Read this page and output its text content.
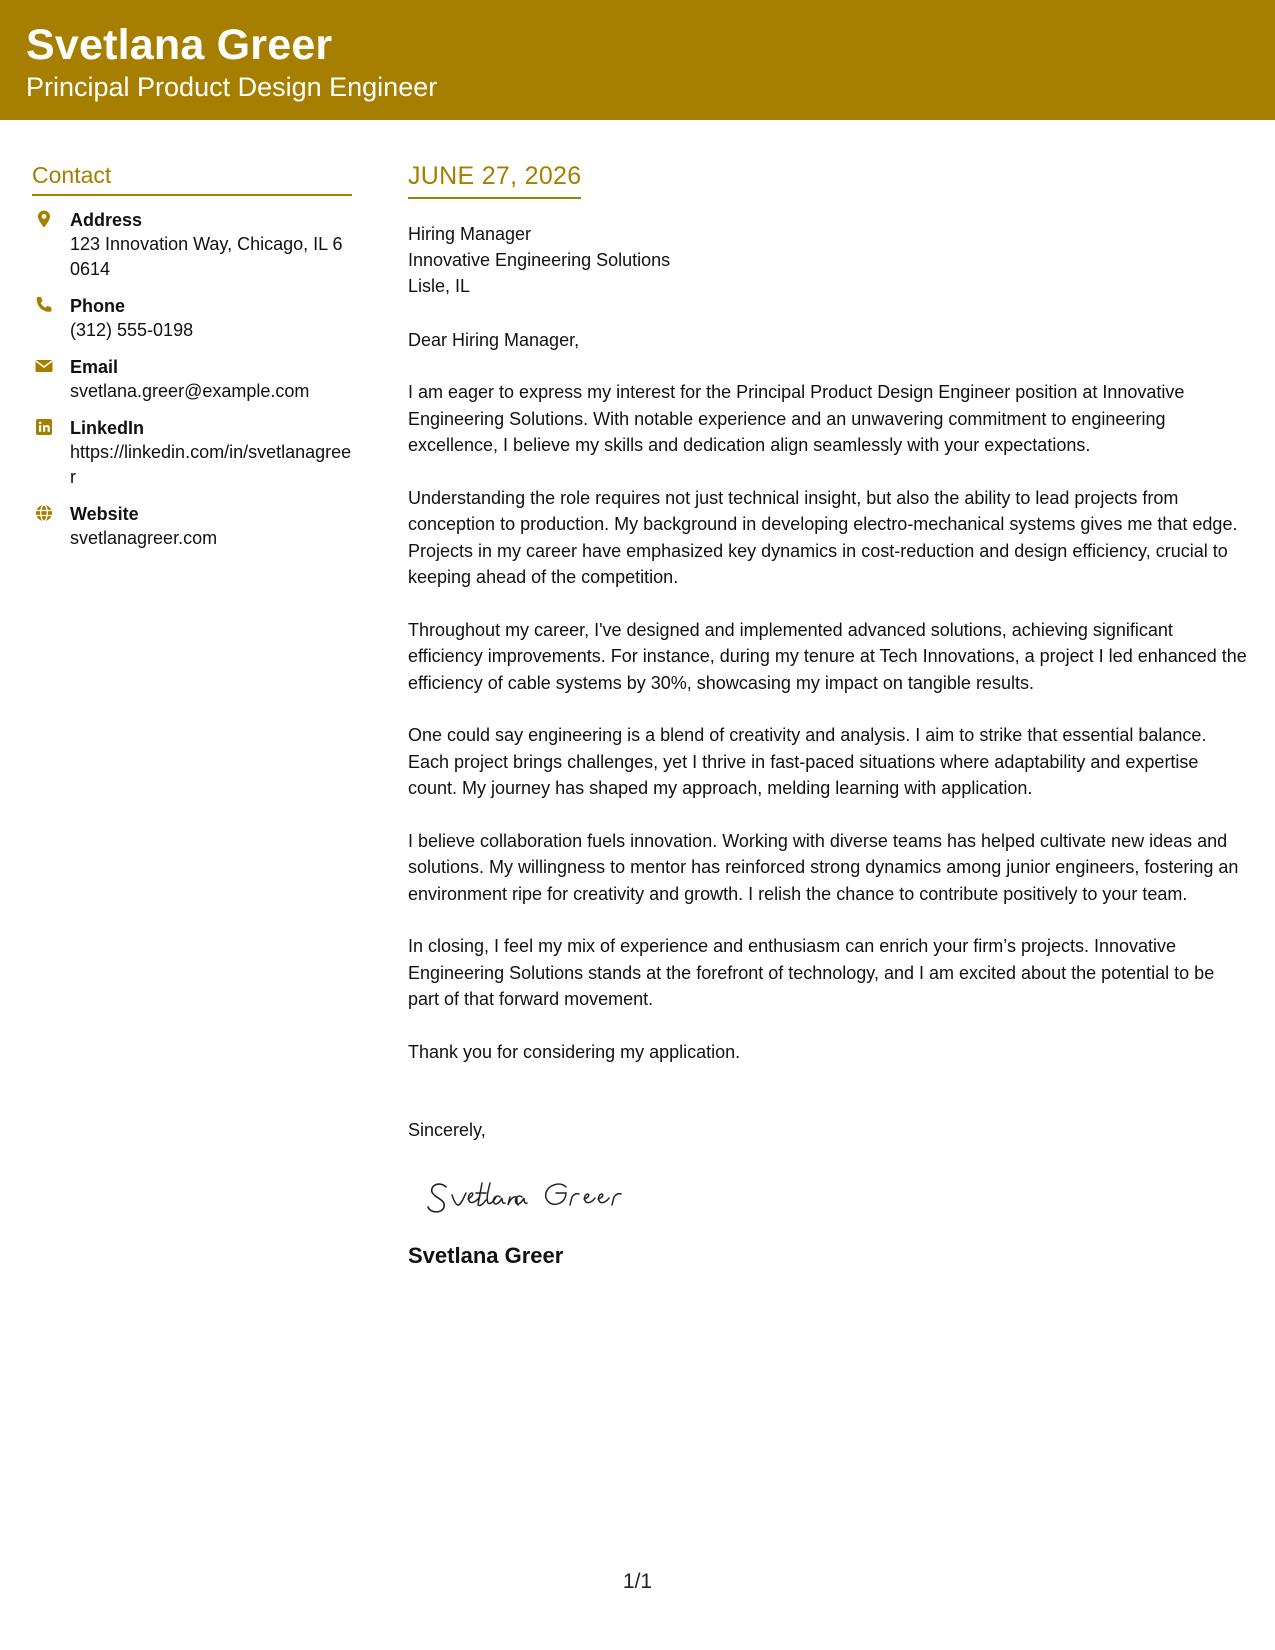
Svetlana Greer
Principal Product Design Engineer
Contact
Address
123 Innovation Way, Chicago, IL 60614
Phone
(312) 555-0198
Email
svetlana.greer@example.com
LinkedIn
https://linkedin.com/in/svetlanagreer
Website
svetlanagreer.com
JUNE 27, 2026
Hiring Manager
Innovative Engineering Solutions
Lisle, IL
Dear Hiring Manager,
I am eager to express my interest for the Principal Product Design Engineer position at Innovative Engineering Solutions. With notable experience and an unwavering commitment to engineering excellence, I believe my skills and dedication align seamlessly with your expectations.
Understanding the role requires not just technical insight, but also the ability to lead projects from conception to production. My background in developing electro-mechanical systems gives me that edge. Projects in my career have emphasized key dynamics in cost-reduction and design efficiency, crucial to keeping ahead of the competition.
Throughout my career, I've designed and implemented advanced solutions, achieving significant efficiency improvements. For instance, during my tenure at Tech Innovations, a project I led enhanced the efficiency of cable systems by 30%, showcasing my impact on tangible results.
One could say engineering is a blend of creativity and analysis. I aim to strike that essential balance. Each project brings challenges, yet I thrive in fast-paced situations where adaptability and expertise count. My journey has shaped my approach, melding learning with application.
I believe collaboration fuels innovation. Working with diverse teams has helped cultivate new ideas and solutions. My willingness to mentor has reinforced strong dynamics among junior engineers, fostering an environment ripe for creativity and growth. I relish the chance to contribute positively to your team.
In closing, I feel my mix of experience and enthusiasm can enrich your firm’s projects. Innovative Engineering Solutions stands at the forefront of technology, and I am excited about the potential to be part of that forward movement.
Thank you for considering my application.
Sincerely,
Svetlana Greer
1/1
